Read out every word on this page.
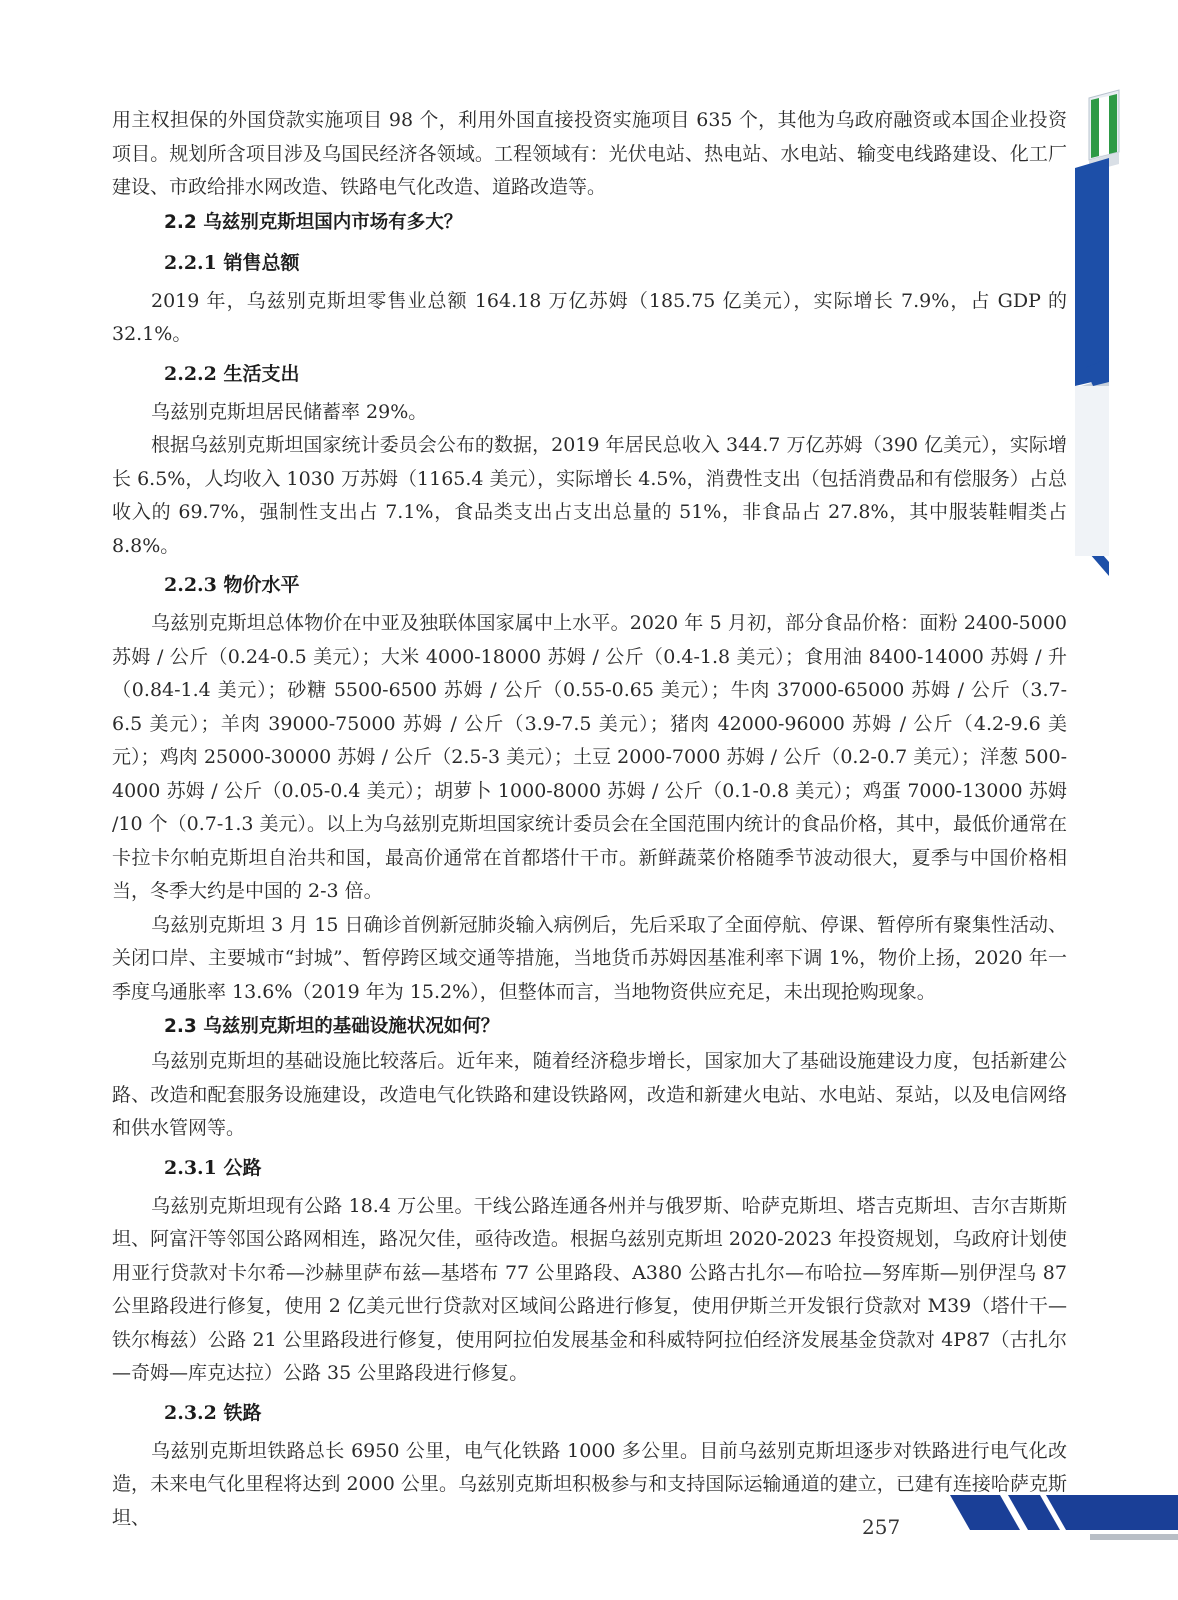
用主权担保的外国贷款实施项目 98 个，利用外国直接投资实施项目 635 个，其他为乌政府融资或本国企业投资项目。规划所含项目涉及乌国民经济各领域。工程领域有：光伏电站、热电站、水电站、输变电线路建设、化工厂建设、市政给排水网改造、铁路电气化改造、道路改造等。

2.2 乌兹别克斯坦国内市场有多大？
2.2.1 销售总额

2019 年，乌兹别克斯坦零售业总额 164.18 万亿苏姆（185.75 亿美元），实际增长 7.9%，占 GDP 的 32.1%。

2.2.2 生活支出

乌兹别克斯坦居民储蓄率 29%。

根据乌兹别克斯坦国家统计委员会公布的数据，2019 年居民总收入 344.7 万亿苏姆（390 亿美元），实际增长 6.5%，人均收入 1030 万苏姆（1165.4 美元），实际增长 4.5%，消费性支出（包括消费品和有偿服务）占总收入的 69.7%，强制性支出占 7.1%，食品类支出占支出总量的 51%，非食品占 27.8%，其中服装鞋帽类占 8.8%。

2.2.3 物价水平

乌兹别克斯坦总体物价在中亚及独联体国家属中上水平。2020 年 5 月初，部分食品价格：面粉 2400-5000 苏姆 / 公斤（0.24-0.5 美元）；大米 4000-18000 苏姆 / 公斤（0.4-1.8 美元）；食用油 8400-14000 苏姆 / 升（0.84-1.4 美元）；砂糖 5500-6500 苏姆 / 公斤（0.55-0.65 美元）；牛肉 37000-65000 苏姆 / 公斤（3.7-6.5 美元）；羊肉 39000-75000 苏姆 / 公斤（3.9-7.5 美元）；猪肉 42000-96000 苏姆 / 公斤（4.2-9.6 美元）；鸡肉 25000-30000 苏姆 / 公斤（2.5-3 美元）；土豆 2000-7000 苏姆 / 公斤（0.2-0.7 美元）；洋葱 500-4000 苏姆 / 公斤（0.05-0.4 美元）；胡萝卜 1000-8000 苏姆 / 公斤（0.1-0.8 美元）；鸡蛋 7000-13000 苏姆 /10 个（0.7-1.3 美元）。以上为乌兹别克斯坦国家统计委员会在全国范围内统计的食品价格，其中，最低价通常在卡拉卡尔帕克斯坦自治共和国，最高价通常在首都塔什干市。新鲜蔬菜价格随季节波动很大，夏季与中国价格相当，冬季大约是中国的 2-3 倍。

乌兹别克斯坦 3 月 15 日确诊首例新冠肺炎输入病例后，先后采取了全面停航、停课、暂停所有聚集性活动、关闭口岸、主要城市“封城”、暂停跨区域交通等措施，当地货币苏姆因基准利率下调 1%，物价上扬，2020 年一季度乌通胀率 13.6%（2019 年为 15.2%），但整体而言，当地物资供应充足，未出现抢购现象。

2.3 乌兹别克斯坦的基础设施状况如何？

乌兹别克斯坦的基础设施比较落后。近年来，随着经济稳步增长，国家加大了基础设施建设力度，包括新建公路、改造和配套服务设施建设，改造电气化铁路和建设铁路网，改造和新建火电站、水电站、泵站，以及电信网络和供水管网等。

2.3.1 公路

乌兹别克斯坦现有公路 18.4 万公里。干线公路连通各州并与俄罗斯、哈萨克斯坦、塔吉克斯坦、吉尔吉斯斯坦、阿富汗等邻国公路网相连，路况欠佳，亟待改造。根据乌兹别克斯坦 2020-2023 年投资规划，乌政府计划使用亚行贷款对卡尔希—沙赫里萨布兹—基塔布 77 公里路段、A380 公路古扎尔—布哈拉—努库斯—别伊涅乌 87 公里路段进行修复，使用 2 亿美元世行贷款对区域间公路进行修复，使用伊斯兰开发银行贷款对 M39（塔什干—铁尔梅兹）公路 21 公里路段进行修复，使用阿拉伯发展基金和科威特阿拉伯经济发展基金贷款对 4P87（古扎尔—奇姆—库克达拉）公路 35 公里路段进行修复。

2.3.2 铁路

乌兹别克斯坦铁路总长 6950 公里，电气化铁路 1000 多公里。目前乌兹别克斯坦逐步对铁路进行电气化改造，未来电气化里程将达到 2000 公里。乌兹别克斯坦积极参与和支持国际运输通道的建立，已建有连接哈萨克斯坦、	257
